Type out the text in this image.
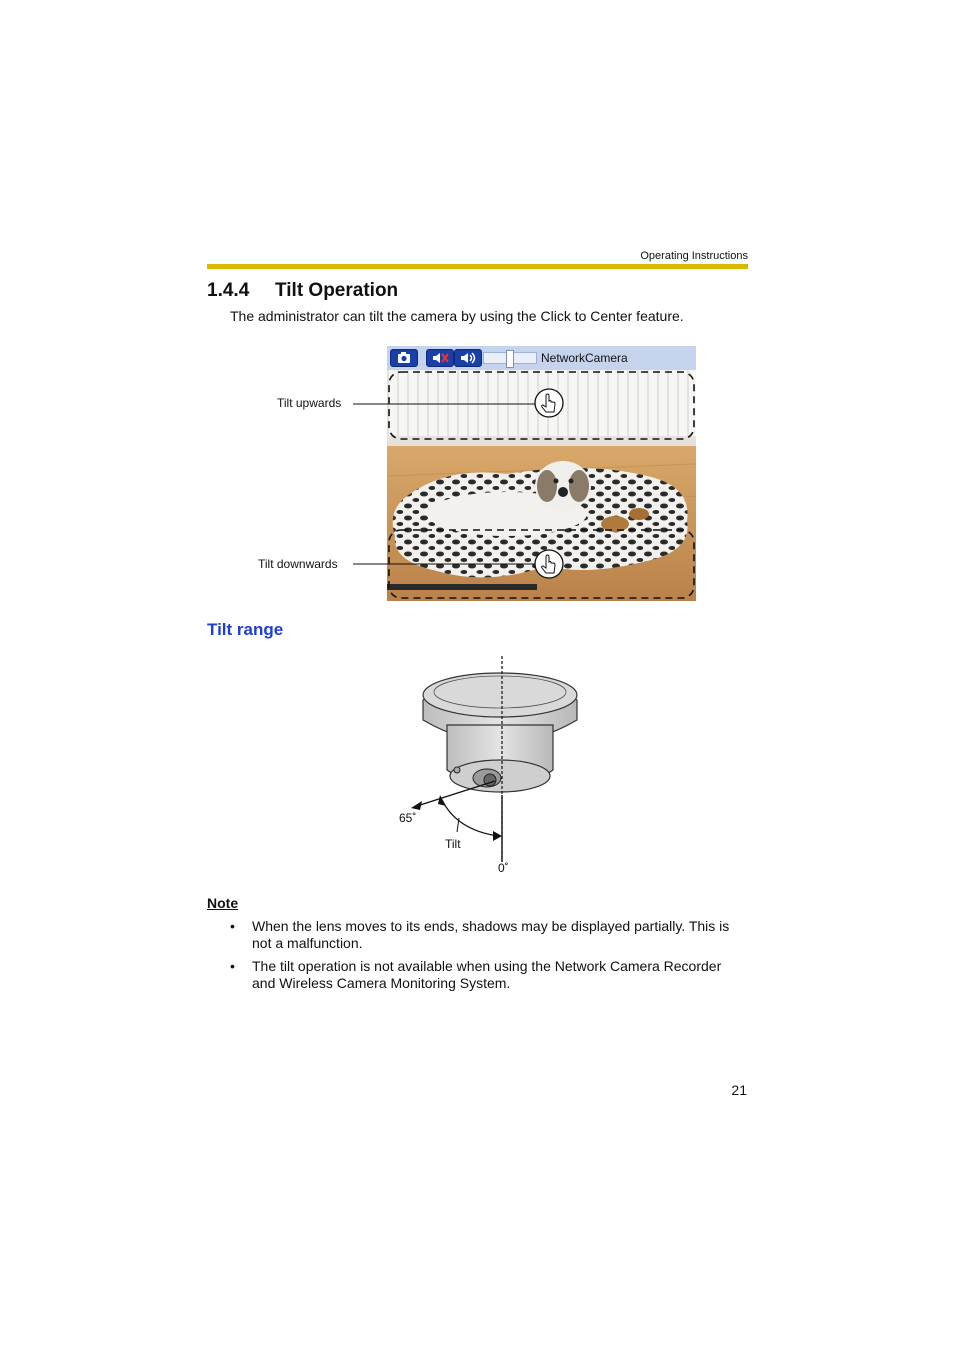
Operating Instructions
1.4.4 Tilt Operation
The administrator can tilt the camera by using the Click to Center feature.
NetworkCamera
Tilt upwards
Tilt downwards
Tilt range
65˚
Tilt
0˚
Note
•	When the lens moves to its ends, shadows may be displayed partially. This is not a malfunction.
•	The tilt operation is not available when using the Network Camera Recorder and Wireless Camera Monitoring System.
21
